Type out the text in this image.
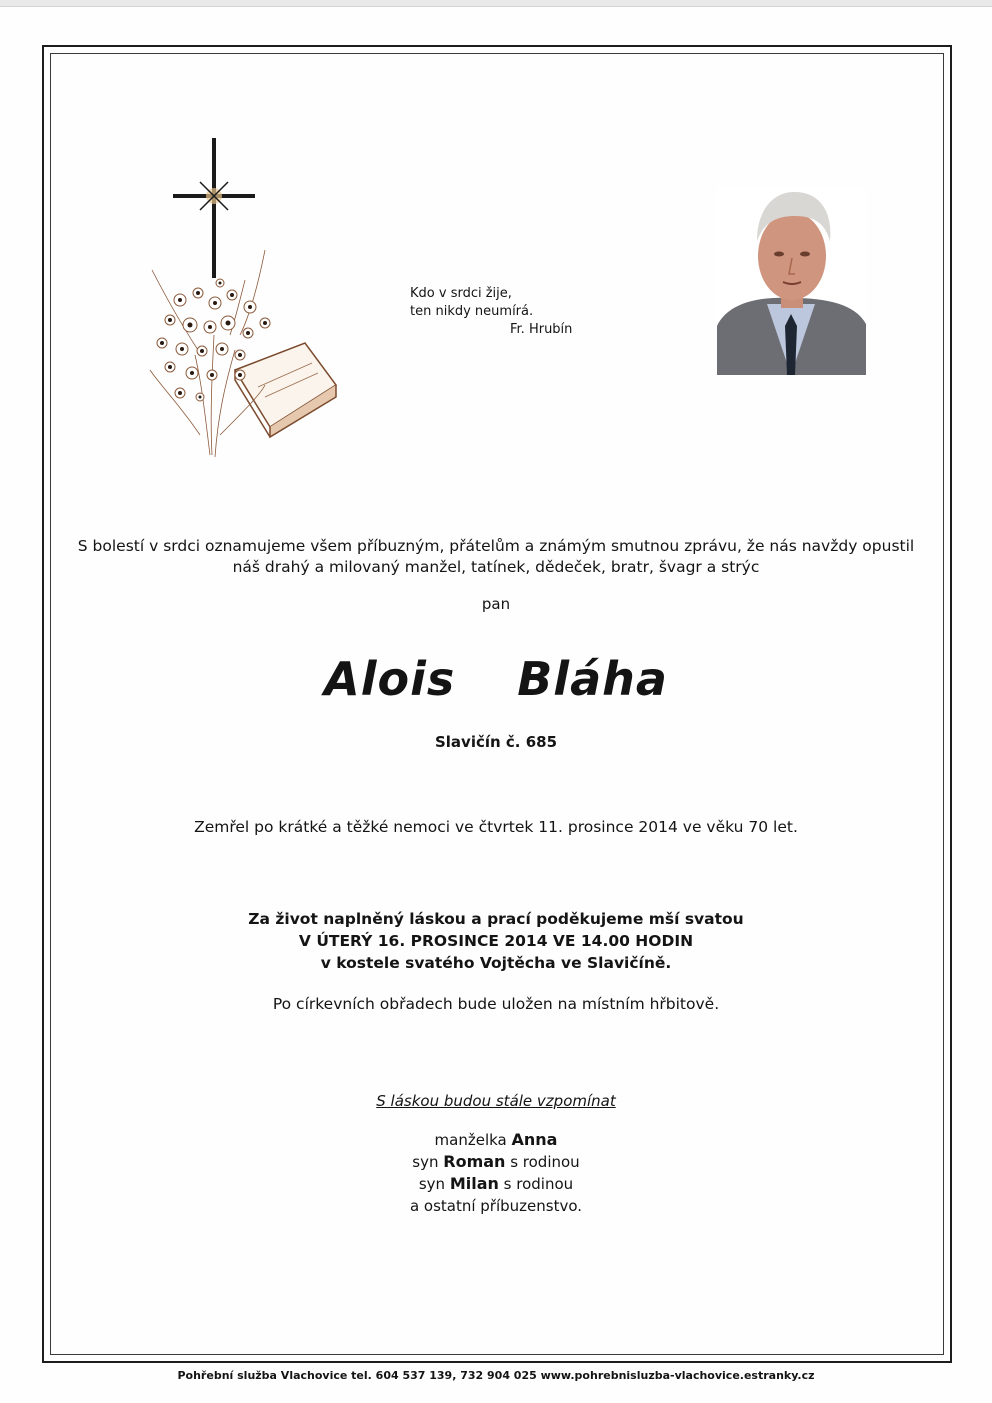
Kdo v srdci žije,
ten nikdy neumírá.
Fr. Hrubín
S bolestí v srdci oznamujeme všem příbuzným, přátelům a známým smutnou zprávu, že nás navždy opustil
náš drahý a milovaný manžel, tatínek, dědeček, bratr, švagr a strýc
pan
Alois  Bláha
Slavičín č. 685
Zemřel po krátké a těžké nemoci ve čtvrtek 11. prosince 2014 ve věku 70 let.
Za život naplněný láskou a prací poděkujeme mší svatou
V ÚTERÝ 16. PROSINCE 2014 VE 14.00 HODIN
v kostele svatého Vojtěcha ve Slavičíně.
Po církevních obřadech bude uložen na místním hřbitově.
S láskou budou stále vzpomínat
manželka Anna
syn Roman s rodinou
syn Milan s rodinou
a ostatní příbuzenstvo.
Pohřební služba Vlachovice tel. 604 537 139, 732 904 025 www.pohrebnisluzba-vlachovice.estranky.cz
